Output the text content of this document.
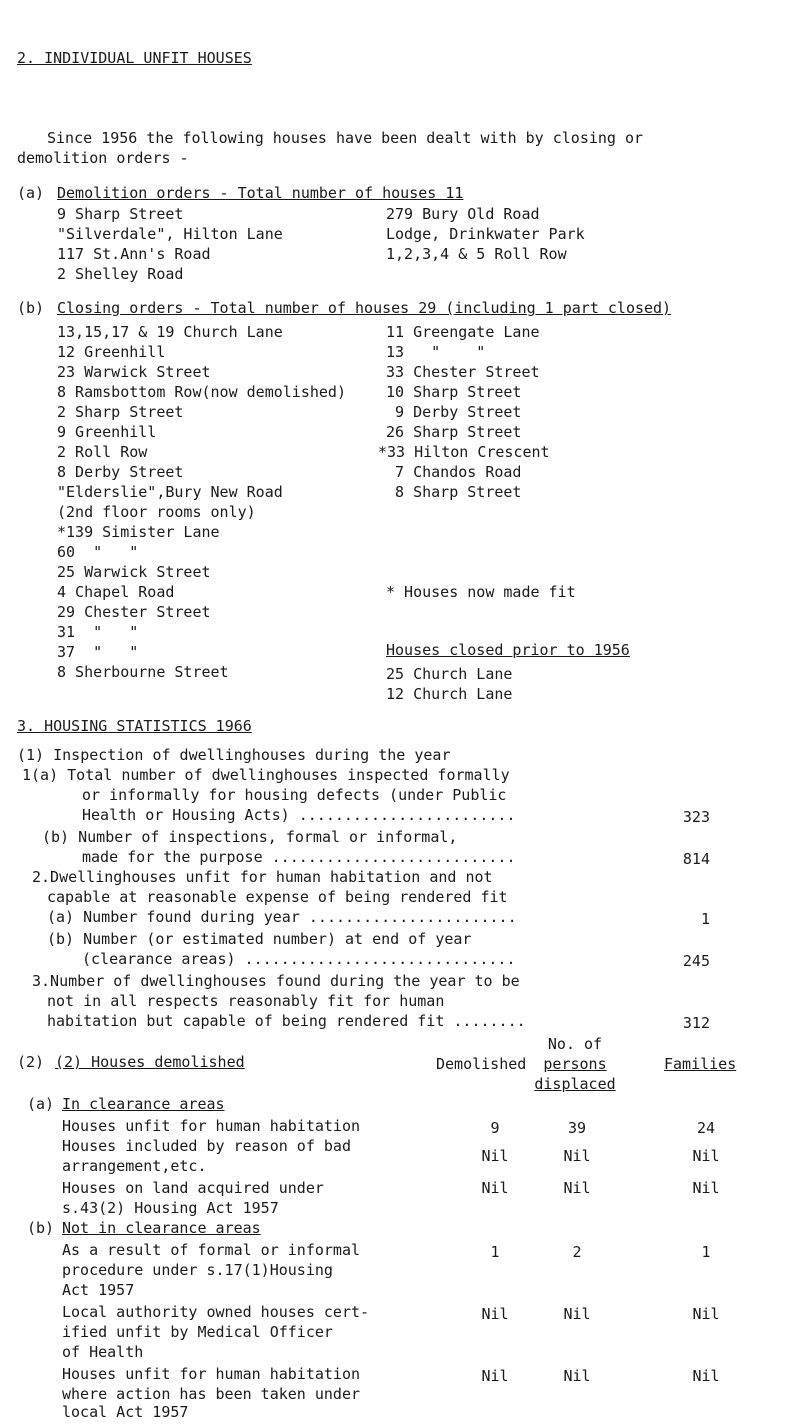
2. INDIVIDUAL UNFIT HOUSES
Since 1956 the following houses have been dealt with by closing or
demolition orders -
(a) Demolition orders - Total number of houses 11
9 Sharp Street
"Silverdale", Hilton Lane
117 St.Ann's Road
2 Shelley Road
279 Bury Old Road
Lodge, Drinkwater Park
1,2,3,4 & 5 Roll Row
(b) Closing orders - Total number of houses 29 (including 1 part closed)
13,15,17 & 19 Church Lane
12 Greenhill
23 Warwick Street
8 Ramsbottom Row(now demolished)
2 Sharp Street
9 Greenhill
2 Roll Row
8 Derby Street
"Elderslie",Bury New Road
(2nd floor rooms only)
*139 Simister Lane
60  "   "
25 Warwick Street
4 Chapel Road
29 Chester Street
31  "   "
37  "   "
8 Sherbourne Street
11 Greengate Lane
13   "    "
33 Chester Street
10 Sharp Street
9 Derby Street
26 Sharp Street
*33 Hilton Crescent
7 Chandos Road
8 Sharp Street
* Houses now made fit
Houses closed prior to 1956
25 Church Lane
12 Church Lane
3. HOUSING STATISTICS 1966
(1) Inspection of dwellinghouses during the year
1(a) Total number of dwellinghouses inspected formally
or informally for housing defects (under Public
Health or Housing Acts) ........................	323
(b) Number of inspections, formal or informal,
made for the purpose ...........................	814
2.Dwellinghouses unfit for human habitation and not
capable at reasonable expense of being rendered fit
(a) Number found during year .......................	1
(b) Number (or estimated number) at end of year
(clearance areas) ..............................	245
3.Number of dwellinghouses found during the year to be
not in all respects reasonably fit for human
habitation but capable of being rendered fit ........	312
(2) (2) Houses demolished
No. of
Demolished	persons	Families
displaced
(a)
In clearance areas
Houses unfit for human habitation	9	39	24
Houses included by reason of bad
arrangement,etc.
Nil	Nil	Nil
Houses on land acquired under
s.43(2) Housing Act 1957
Nil	Nil	Nil
(b) Not in clearance areas
As a result of formal or informal
procedure under s.17(1)Housing
Act 1957
1	2	1
Local authority owned houses cert-
ified unfit by Medical Officer
of Health
Nil	Nil	Nil
Houses unfit for human habitation
where action has been taken under
local Act 1957
Nil	Nil	Nil
